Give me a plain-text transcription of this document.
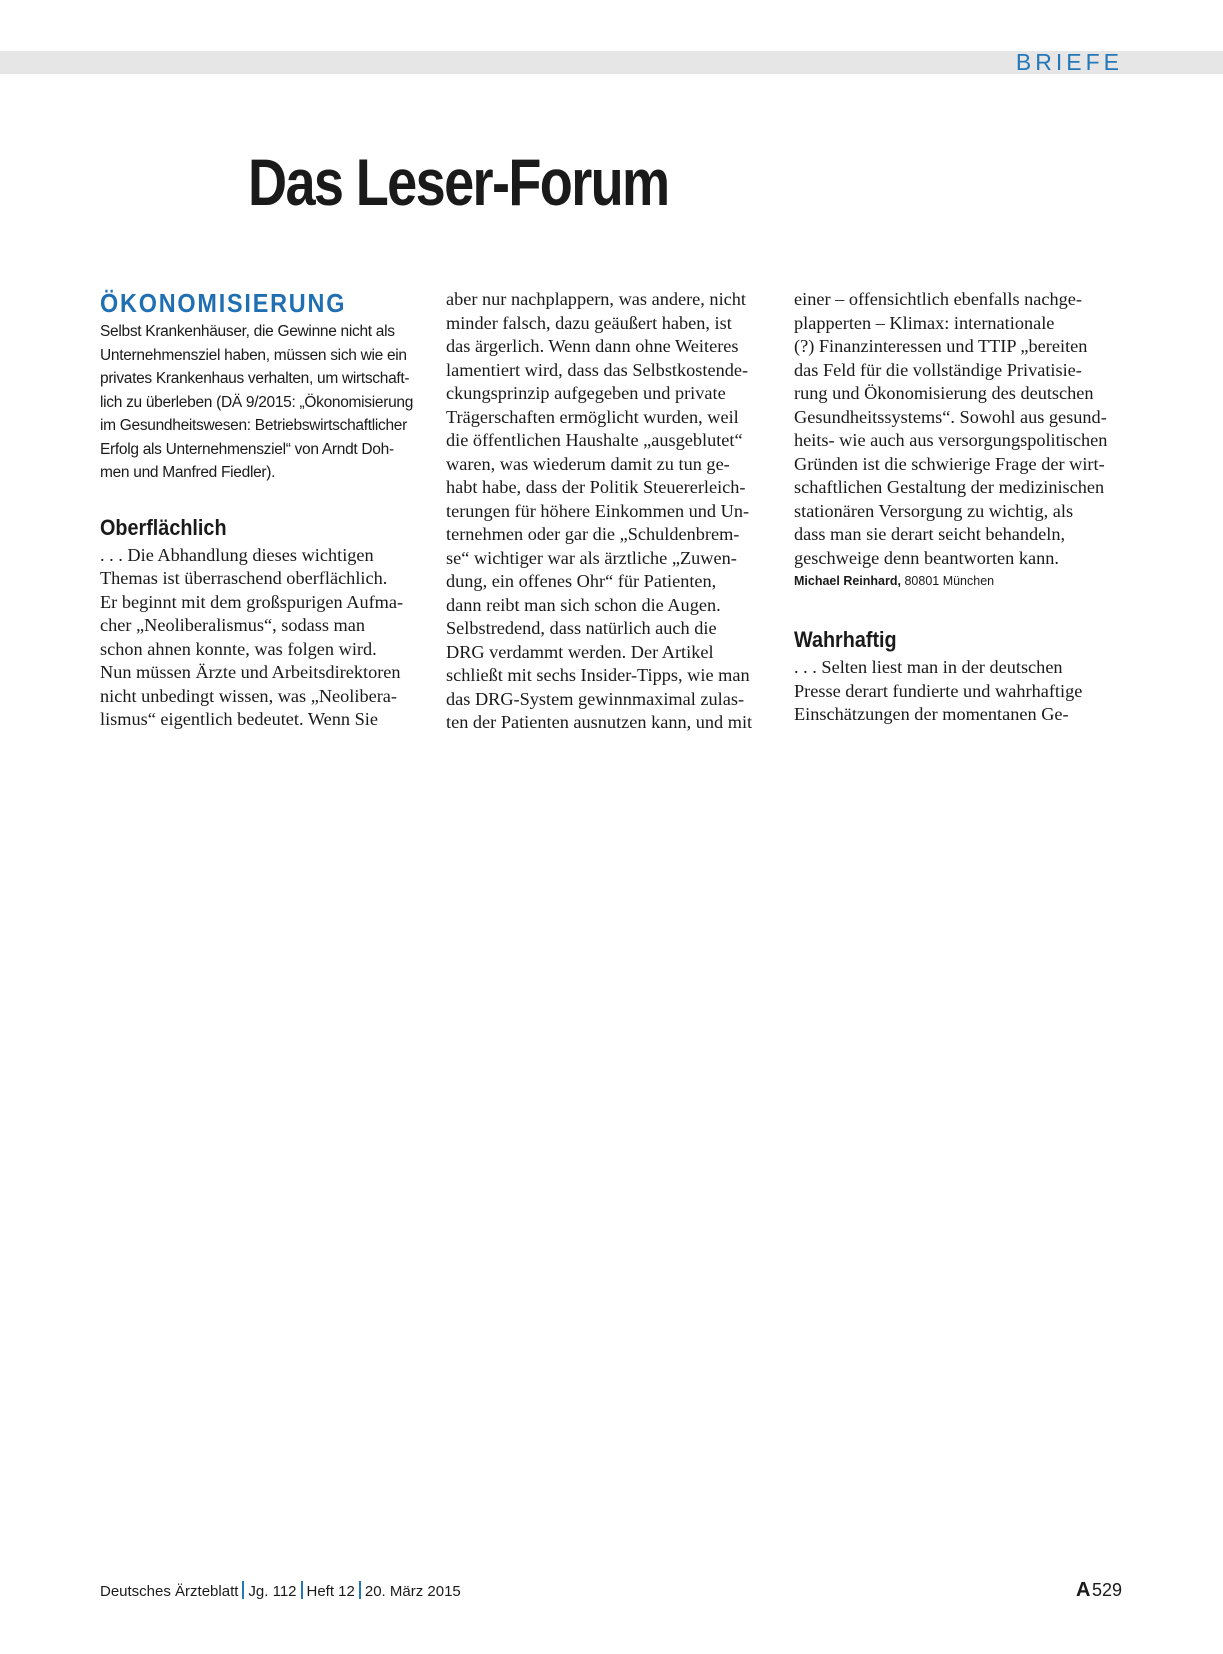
BRIEFE
Das Leser-Forum
ÖKONOMISIERUNG
Selbst Krankenhäuser, die Gewinne nicht als
Unternehmensziel haben, müssen sich wie ein
privates Krankenhaus verhalten, um wirtschaft-
lich zu überleben (DÄ 9/2015: „Ökonomisierung
im Gesundheitswesen: Betriebswirtschaftlicher
Erfolg als Unternehmensziel“ von Arndt Doh-
men und Manfred Fiedler).
Oberflächlich

. . . Die Abhandlung dieses wichtigen

Themas ist überraschend oberflächlich.

Er beginnt mit dem großspurigen Aufma-

cher „Neoliberalismus“, sodass man

schon ahnen konnte, was folgen wird.

Nun müssen Ärzte und Arbeitsdirektoren

nicht unbedingt wissen, was „Neolibera-

lismus“ eigentlich bedeutet. Wenn Sie

aber nur nachplappern, was andere, nicht

minder falsch, dazu geäußert haben, ist

das ärgerlich. Wenn dann ohne Weiteres

lamentiert wird, dass das Selbstkostende-

ckungsprinzip aufgegeben und private

Trägerschaften ermöglicht wurden, weil

die öffentlichen Haushalte „ausgeblutet“

waren, was wiederum damit zu tun ge-

habt habe, dass der Politik Steuererleich-

terungen für höhere Einkommen und Un-

ternehmen oder gar die „Schuldenbrem-

se“ wichtiger war als ärztliche „Zuwen-

dung, ein offenes Ohr“ für Patienten,

dann reibt man sich schon die Augen.

Selbstredend, dass natürlich auch die

DRG verdammt werden. Der Artikel

schließt mit sechs Insider-Tipps, wie man

das DRG-System gewinnmaximal zulas-

ten der Patienten ausnutzen kann, und mit

einer – offensichtlich ebenfalls nachge-

plapperten – Klimax: internationale

(?) Finanzinteressen und TTIP „bereiten

das Feld für die vollständige Privatisie-

rung und Ökonomisierung des deutschen

Gesundheitssystems“. Sowohl aus gesund-

heits- wie auch aus versorgungspolitischen

Gründen ist die schwierige Frage der wirt-

schaftlichen Gestaltung der medizinischen

stationären Versorgung zu wichtig, als

dass man sie derart seicht behandeln,

geschweige denn beantworten kann.

Michael Reinhard, 80801 München

Wahrhaftig

. . . Selten liest man in der deutschen

Presse derart fundierte und wahrhaftige

Einschätzungen der momentanen Ge-

Deutsches Ärzteblatt Jg. 112 Heft 12 20. März 2015	A 529
